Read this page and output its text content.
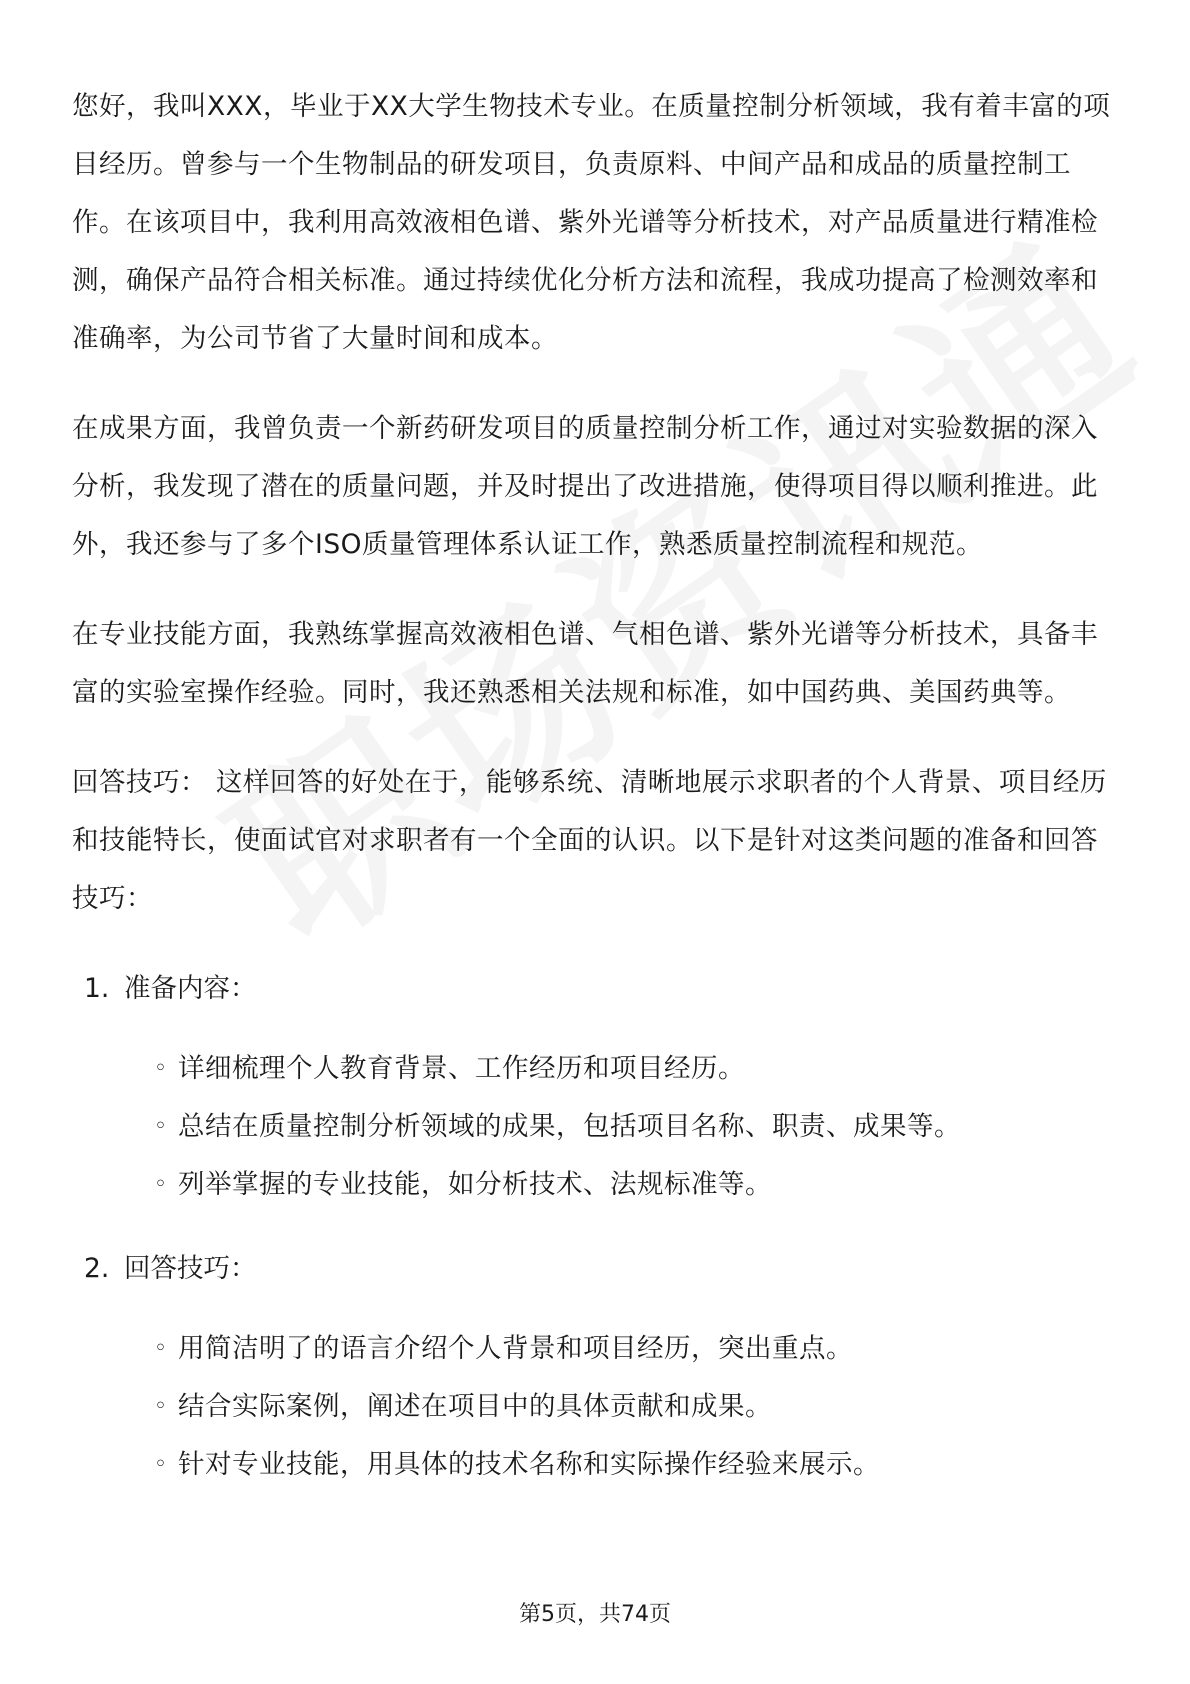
您好，我叫XXX，毕业于XX大学生物技术专业。在质量控制分析领域，我有着丰富的项目经历。曾参与一个生物制品的研发项目，负责原料、中间产品和成品的质量控制工作。在该项目中，我利用高效液相色谱、紫外光谱等分析技术，对产品质量进行精准检测，确保产品符合相关标准。通过持续优化分析方法和流程，我成功提高了检测效率和准确率，为公司节省了大量时间和成本。

在成果方面，我曾负责一个新药研发项目的质量控制分析工作，通过对实验数据的深入分析，我发现了潜在的质量问题，并及时提出了改进措施，使得项目得以顺利推进。此外，我还参与了多个ISO质量管理体系认证工作，熟悉质量控制流程和规范。

在专业技能方面，我熟练掌握高效液相色谱、气相色谱、紫外光谱等分析技术，具备丰富的实验室操作经验。同时，我还熟悉相关法规和标准，如中国药典、美国药典等。

回答技巧： 这样回答的好处在于，能够系统、清晰地展示求职者的个人背景、项目经历和技能特长，使面试官对求职者有一个全面的认识。以下是针对这类问题的准备和回答技巧：

1. 准备内容：
◦ 详细梳理个人教育背景、工作经历和项目经历。
◦ 总结在质量控制分析领域的成果，包括项目名称、职责、成果等。
◦ 列举掌握的专业技能，如分析技术、法规标准等。
2. 回答技巧：
◦ 用简洁明了的语言介绍个人背景和项目经历，突出重点。
◦ 结合实际案例，阐述在项目中的具体贡献和成果。
◦ 针对专业技能，用具体的技术名称和实际操作经验来展示。
第5页，共74页
